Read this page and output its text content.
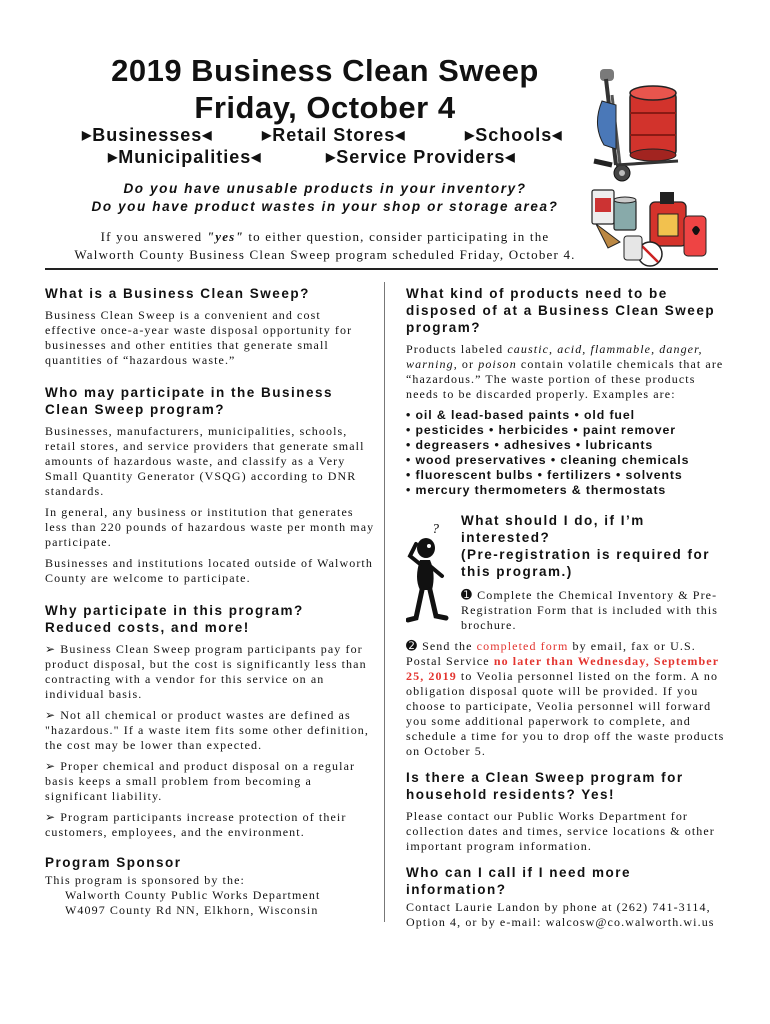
2019 Business Clean Sweep
Friday, October 4
▶Businesses◀	▶Retail Stores◀	▶Schools◀
▶Municipalities◀	▶Service Providers◀
Do you have unusable products in your inventory?
Do you have product wastes in your shop or storage area?
If you answered "yes" to either question, consider participating in the
Walworth County Business Clean Sweep program scheduled Friday, October 4.
What is a Business Clean Sweep?
Business Clean Sweep is a convenient and cost effective once-a-year waste disposal opportunity for businesses and other entities that generate small quantities of “hazardous waste.”
Who may participate in the Business Clean Sweep program?
Businesses, manufacturers, municipalities, schools, retail stores, and service providers that generate small amounts of hazardous waste, and classify as a Very Small Quantity Generator (VSQG) according to DNR standards.
In general, any business or institution that generates less than 220 pounds of hazardous waste per month may participate.
Businesses and institutions located outside of Walworth County are welcome to participate.
Why participate in this program? Reduced costs, and more!
➢ Business Clean Sweep program participants pay for product disposal, but the cost is significantly less than contracting with a vendor for this service on an individual basis.
➢ Not all chemical or product wastes are defined as "hazardous." If a waste item fits some other definition, the cost may be lower than expected.
➢ Proper chemical and product disposal on a regular basis keeps a small problem from becoming a significant liability.
➢ Program participants increase protection of their customers, employees, and the environment.
Program Sponsor
This program is sponsored by the:
Walworth County Public Works Department
W4097 County Rd NN, Elkhorn, Wisconsin
What kind of products need to be disposed of at a Business Clean Sweep program?
Products labeled caustic, acid, flammable, danger, warning, or poison contain volatile chemicals that are “hazardous.” The waste portion of these products needs to be discarded properly. Examples are:
• oil & lead-based paints • old fuel
• pesticides • herbicides • paint remover
• degreasers • adhesives • lubricants
• wood preservatives • cleaning chemicals
• fluorescent bulbs • fertilizers • solvents
• mercury thermometers & thermostats
What should I do, if I’m interested?
(Pre-registration is required for this program.)
➊ Complete the Chemical Inventory & Pre-Registration Form that is included with this brochure.
➋ Send the completed form by email, fax or U.S. Postal Service no later than Wednesday, September 25, 2019 to Veolia personnel listed on the form. A no obligation disposal quote will be provided. If you choose to participate, Veolia personnel will forward you some additional paperwork to complete, and schedule a time for you to drop off the waste products on October 5.
Is there a Clean Sweep program for household residents? Yes!
Please contact our Public Works Department for collection dates and times, service locations & other important program information.
Who can I call if I need more information?
Contact Laurie Landon by phone at (262) 741-3114, Option 4, or by e-mail: walcosw@co.walworth.wi.us
?
